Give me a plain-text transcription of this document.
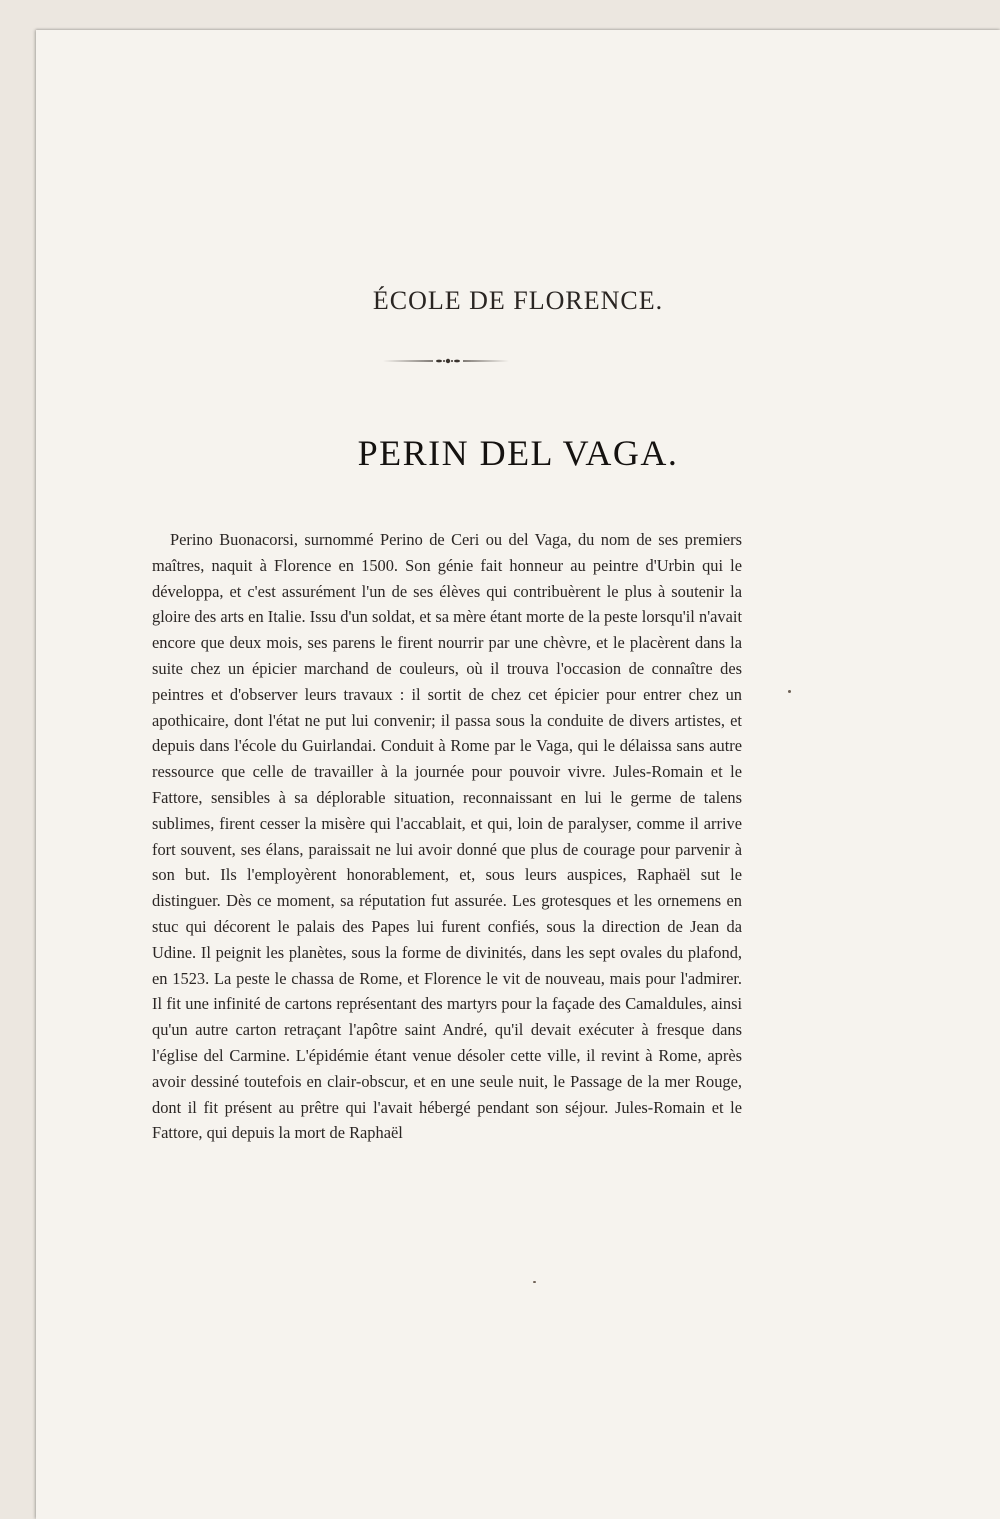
ÉCOLE DE FLORENCE.
PERIN DEL VAGA.

Perino Buonacorsi, surnommé Perino de Ceri ou del Vaga, du nom de ses premiers maîtres, naquit à Florence en 1500. Son génie fait honneur au peintre d'Urbin qui le développa, et c'est assurément l'un de ses élèves qui contribuèrent le plus à soutenir la gloire des arts en Italie. Issu d'un soldat, et sa mère étant morte de la peste lorsqu'il n'avait encore que deux mois, ses parens le firent nourrir par une chèvre, et le placèrent dans la suite chez un épicier marchand de couleurs, où il trouva l'occasion de connaître des peintres et d'observer leurs travaux : il sortit de chez cet épicier pour entrer chez un apothicaire, dont l'état ne put lui convenir; il passa sous la conduite de divers artistes, et depuis dans l'école du Guirlandai. Conduit à Rome par le Vaga, qui le délaissa sans autre ressource que celle de travailler à la journée pour pouvoir vivre. Jules-Romain et le Fattore, sensibles à sa déplorable situation, reconnaissant en lui le germe de talens sublimes, firent cesser la misère qui l'accablait, et qui, loin de paralyser, comme il arrive fort souvent, ses élans, paraissait ne lui avoir donné que plus de courage pour parvenir à son but. Ils l'employèrent honorablement, et, sous leurs auspices, Raphaël sut le distinguer. Dès ce moment, sa réputation fut assurée. Les grotesques et les ornemens en stuc qui décorent le palais des Papes lui furent confiés, sous la direction de Jean da Udine. Il peignit les planètes, sous la forme de divinités, dans les sept ovales du plafond, en 1523. La peste le chassa de Rome, et Florence le vit de nouveau, mais pour l'admirer. Il fit une infinité de cartons représentant des martyrs pour la façade des Camaldules, ainsi qu'un autre carton retraçant l'apôtre saint André, qu'il devait exécuter à fresque dans l'église del Carmine. L'épidémie étant venue désoler cette ville, il revint à Rome, après avoir dessiné toutefois en clair-obscur, et en une seule nuit, le Passage de la mer Rouge, dont il fit présent au prêtre qui l'avait hébergé pendant son séjour. Jules-Romain et le Fattore, qui depuis la mort de Raphaël
